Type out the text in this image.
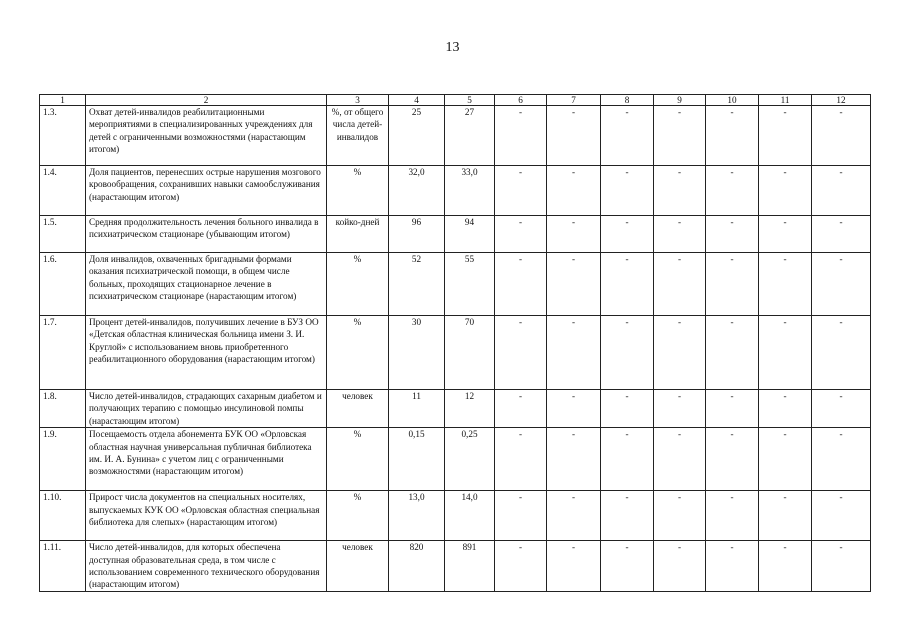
13
1	2	3	4	5	6	7	8	9	10	11	12
1.3.	Охват детей-инвалидов реабилитационными мероприятиями в специализированных учреждениях для детей с ограниченными возможностями (нарастающим итогом)	%, от общего числа детей-инвалидов	25	27	-	-	-	-	-	-	-
1.4.	Доля пациентов, перенесших острые нарушения мозгового кровообращения, сохранивших навыки самообслуживания (нарастающим итогом)	%	32,0	33,0	-	-	-	-	-	-	-
1.5.	Средняя продолжительность лечения больного инвалида в психиатрическом стационаре (убывающим итогом)	койко-дней	96	94	-	-	-	-	-	-	-
1.6.	Доля инвалидов, охваченных бригадными формами оказания психиатрической помощи, в общем числе больных, проходящих стационарное лечение в психиатрическом стационаре (нарастающим итогом)	%	52	55	-	-	-	-	-	-	-
1.7.	Процент детей-инвалидов, получивших лечение в БУЗ ОО «Детская областная клиническая больница имени З. И. Круглой» с использованием вновь приобретенного реабилитационного оборудования (нарастающим итогом)	%	30	70	-	-	-	-	-	-	-
1.8.	Число детей-инвалидов, страдающих сахарным диабетом и получающих терапию с помощью инсулиновой помпы (нарастающим итогом)	человек	11	12	-	-	-	-	-	-	-
1.9.	Посещаемость отдела абонемента БУК ОО «Орловская областная научная универсальная публичная библиотека им. И. А. Бунина» с учетом лиц с ограниченными возможностями (нарастающим итогом)	%	0,15	0,25	-	-	-	-	-	-	-
1.10.	Прирост числа документов на специальных носителях, выпускаемых КУК ОО «Орловская областная специальная библиотека для слепых» (нарастающим итогом)	%	13,0	14,0	-	-	-	-	-	-	-
1.11.	Число детей-инвалидов, для которых обеспечена доступная образовательная среда, в том числе с использованием современного технического оборудования (нарастающим итогом)	человек	820	891	-	-	-	-	-	-	-
